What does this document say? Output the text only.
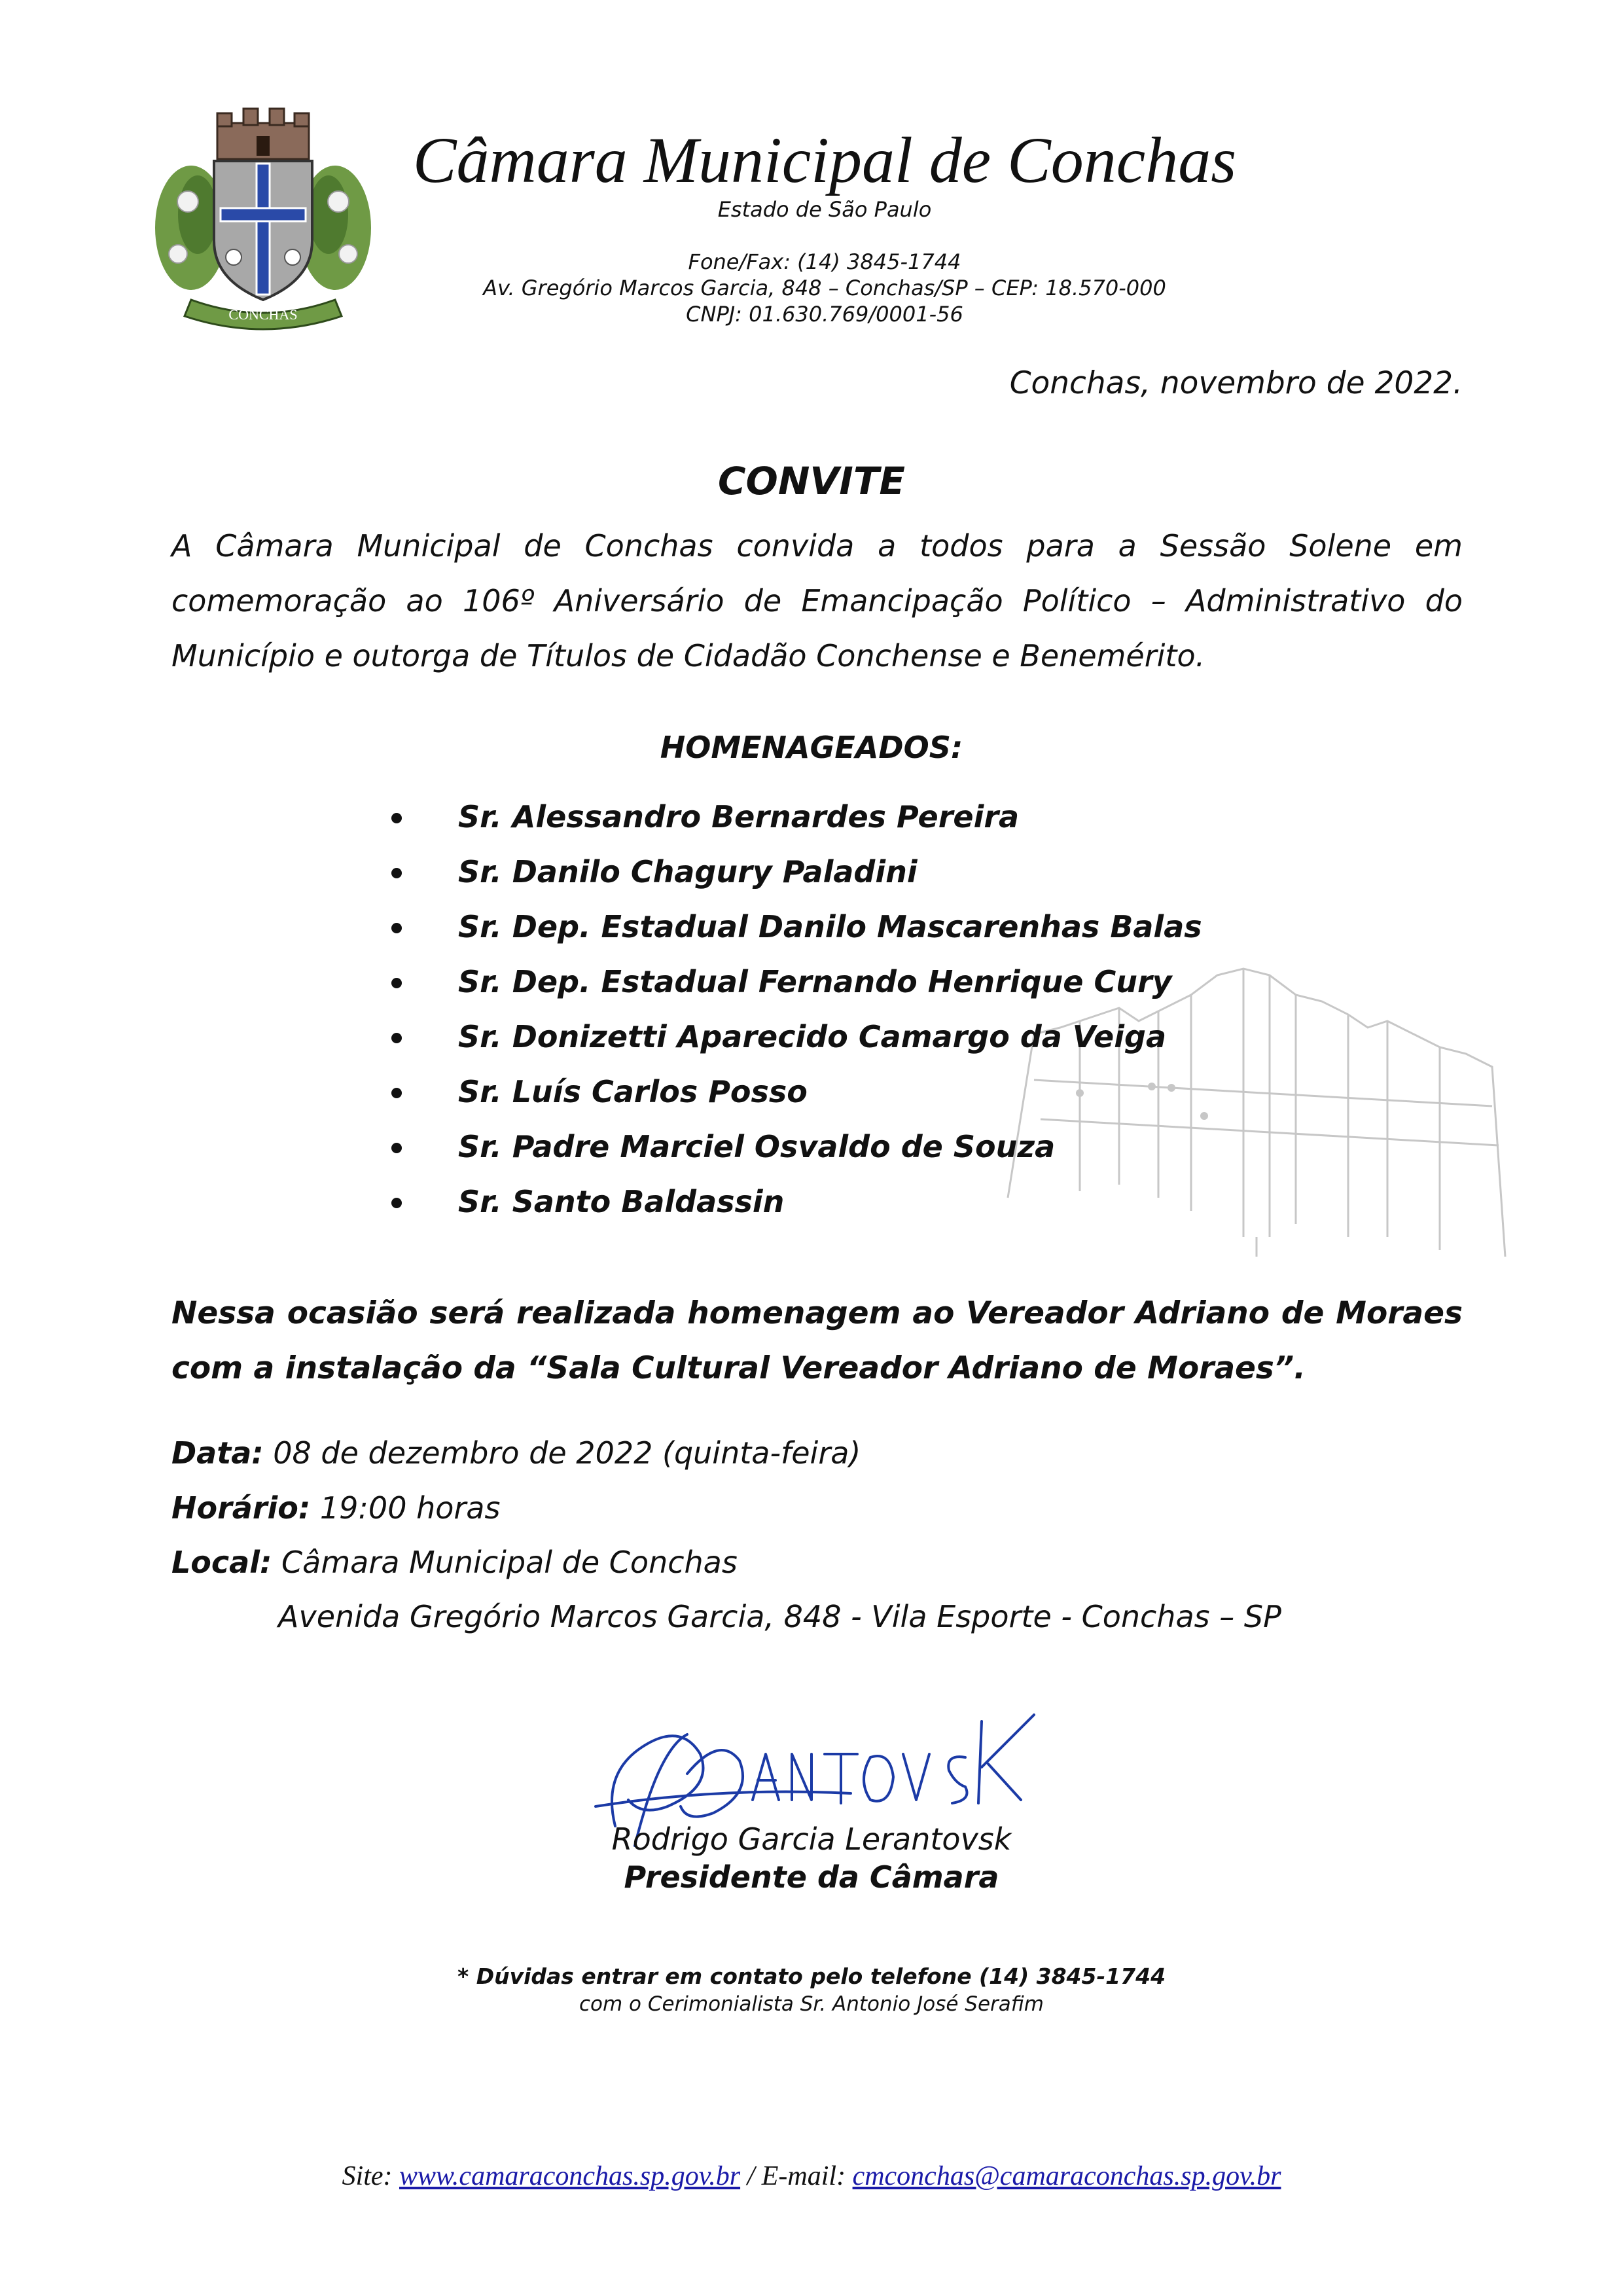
CONCHAS
Câmara Municipal de Conchas
Estado de São Paulo
Fone/Fax: (14) 3845-1744
Av. Gregório Marcos Garcia, 848 – Conchas/SP – CEP: 18.570-000
CNPJ: 01.630.769/0001-56
Conchas, novembro de 2022.
CONVITE
A Câmara Municipal de Conchas convida a todos para a Sessão Solene em comemoração ao 106º Aniversário de Emancipação Político – Administrativo do Município e outorga de Títulos de Cidadão Conchense e Benemérito.
HOMENAGEADOS:
Sr. Alessandro Bernardes Pereira
Sr. Danilo Chagury Paladini
Sr. Dep. Estadual Danilo Mascarenhas Balas
Sr. Dep. Estadual Fernando Henrique Cury
Sr. Donizetti Aparecido Camargo da Veiga
Sr. Luís Carlos Posso
Sr. Padre Marciel Osvaldo de Souza
Sr. Santo Baldassin
Nessa ocasião será realizada homenagem ao Vereador Adriano de Moraes com a instalação da “Sala Cultural Vereador Adriano de Moraes”.
Data: 08 de dezembro de 2022 (quinta-feira)
Horário: 19:00 horas
Local: Câmara Municipal de Conchas
Avenida Gregório Marcos Garcia, 848 - Vila Esporte - Conchas – SP
Rodrigo Garcia Lerantovsk
Presidente da Câmara
* Dúvidas entrar em contato pelo telefone (14) 3845-1744
com o Cerimonialista Sr. Antonio José Serafim
Site: www.camaraconchas.sp.gov.br / E-mail: cmconchas@camaraconchas.sp.gov.br
